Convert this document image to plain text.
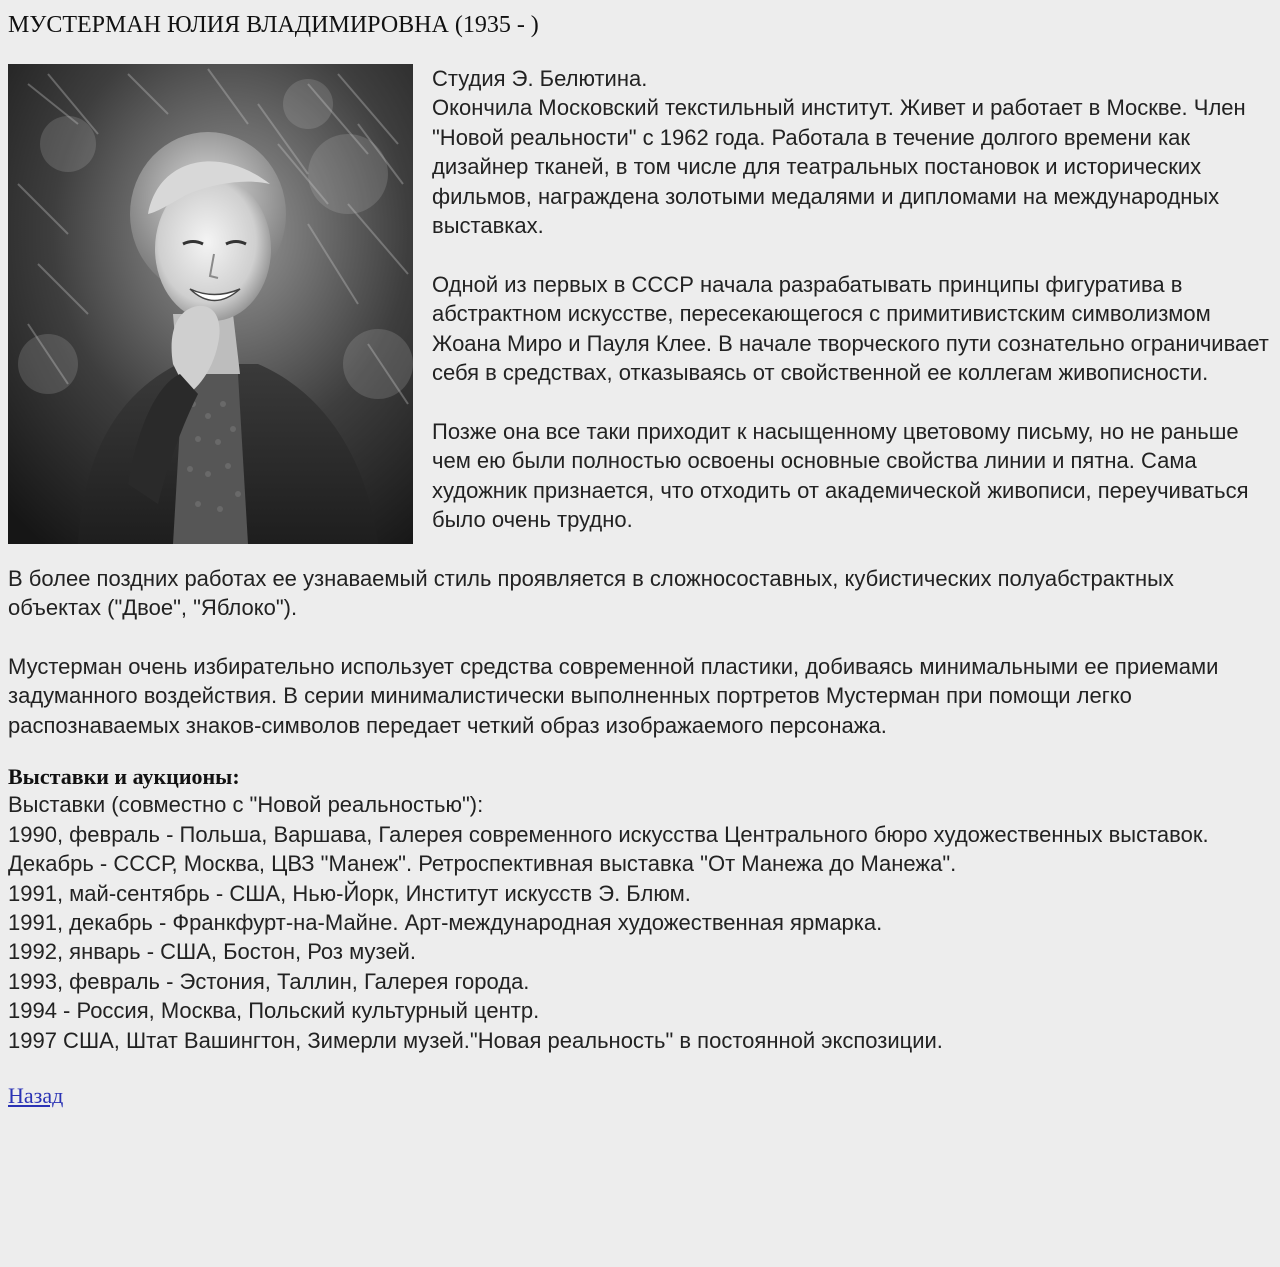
МУСТЕРМАН ЮЛИЯ ВЛАДИМИРОВНА (1935 - )
Студия Э. Белютина.

Окончила Московский текстильный институт. Живет и работает в Москве. Член "Новой реальности" с 1962 года. Работала в течение долгого времени как дизайнер тканей, в том числе для театральных постановок и исторических фильмов, награждена золотыми медалями и дипломами на международных выставках.

Одной из первых в СССР начала разрабатывать принципы фигуратива в абстрактном искусстве, пересекающегося с примитивистским символизмом Жоана Миро и Пауля Клее. В начале творческого пути сознательно ограничивает себя в средствах, отказываясь от свойственной ее коллегам живописности.

Позже она все таки приходит к насыщенному цветовому письму, но не раньше чем ею были полностью освоены основные свойства линии и пятна. Сама художник признается, что отходить от академической живописи, переучиваться было очень трудно.

В более поздних работах ее узнаваемый стиль проявляется в сложносоставных, кубистических полуабстрактных объектах ("Двое", "Яблоко").

Мустерман очень избирательно использует средства современной пластики, добиваясь минимальными ее приемами задуманного воздействия. В серии минималистически выполненных портретов Мустерман при помощи легко распознаваемых знаков-символов передает четкий образ изображаемого персонажа.

Выставки и аукционы:
Выставки (совместно с "Новой реальностью"):
1990, февраль - Польша, Варшава, Галерея современного искусства Центрального бюро художественных выставок.
Декабрь - СССР, Москва, ЦВЗ "Манеж". Ретроспективная выставка "От Манежа до Манежа".
1991, май-сентябрь - США, Нью-Йорк, Институт искусств Э. Блюм.
1991, декабрь - Франкфурт-на-Майне. Арт-международная художественная ярмарка.
1992, январь - США, Бостон, Роз музей.
1993, февраль - Эстония, Таллин, Галерея города.
1994 - Россия, Москва, Польский культурный центр.
1997 США, Штат Вашингтон, Зимерли музей."Новая реальность" в постоянной экспозиции.
Назад
